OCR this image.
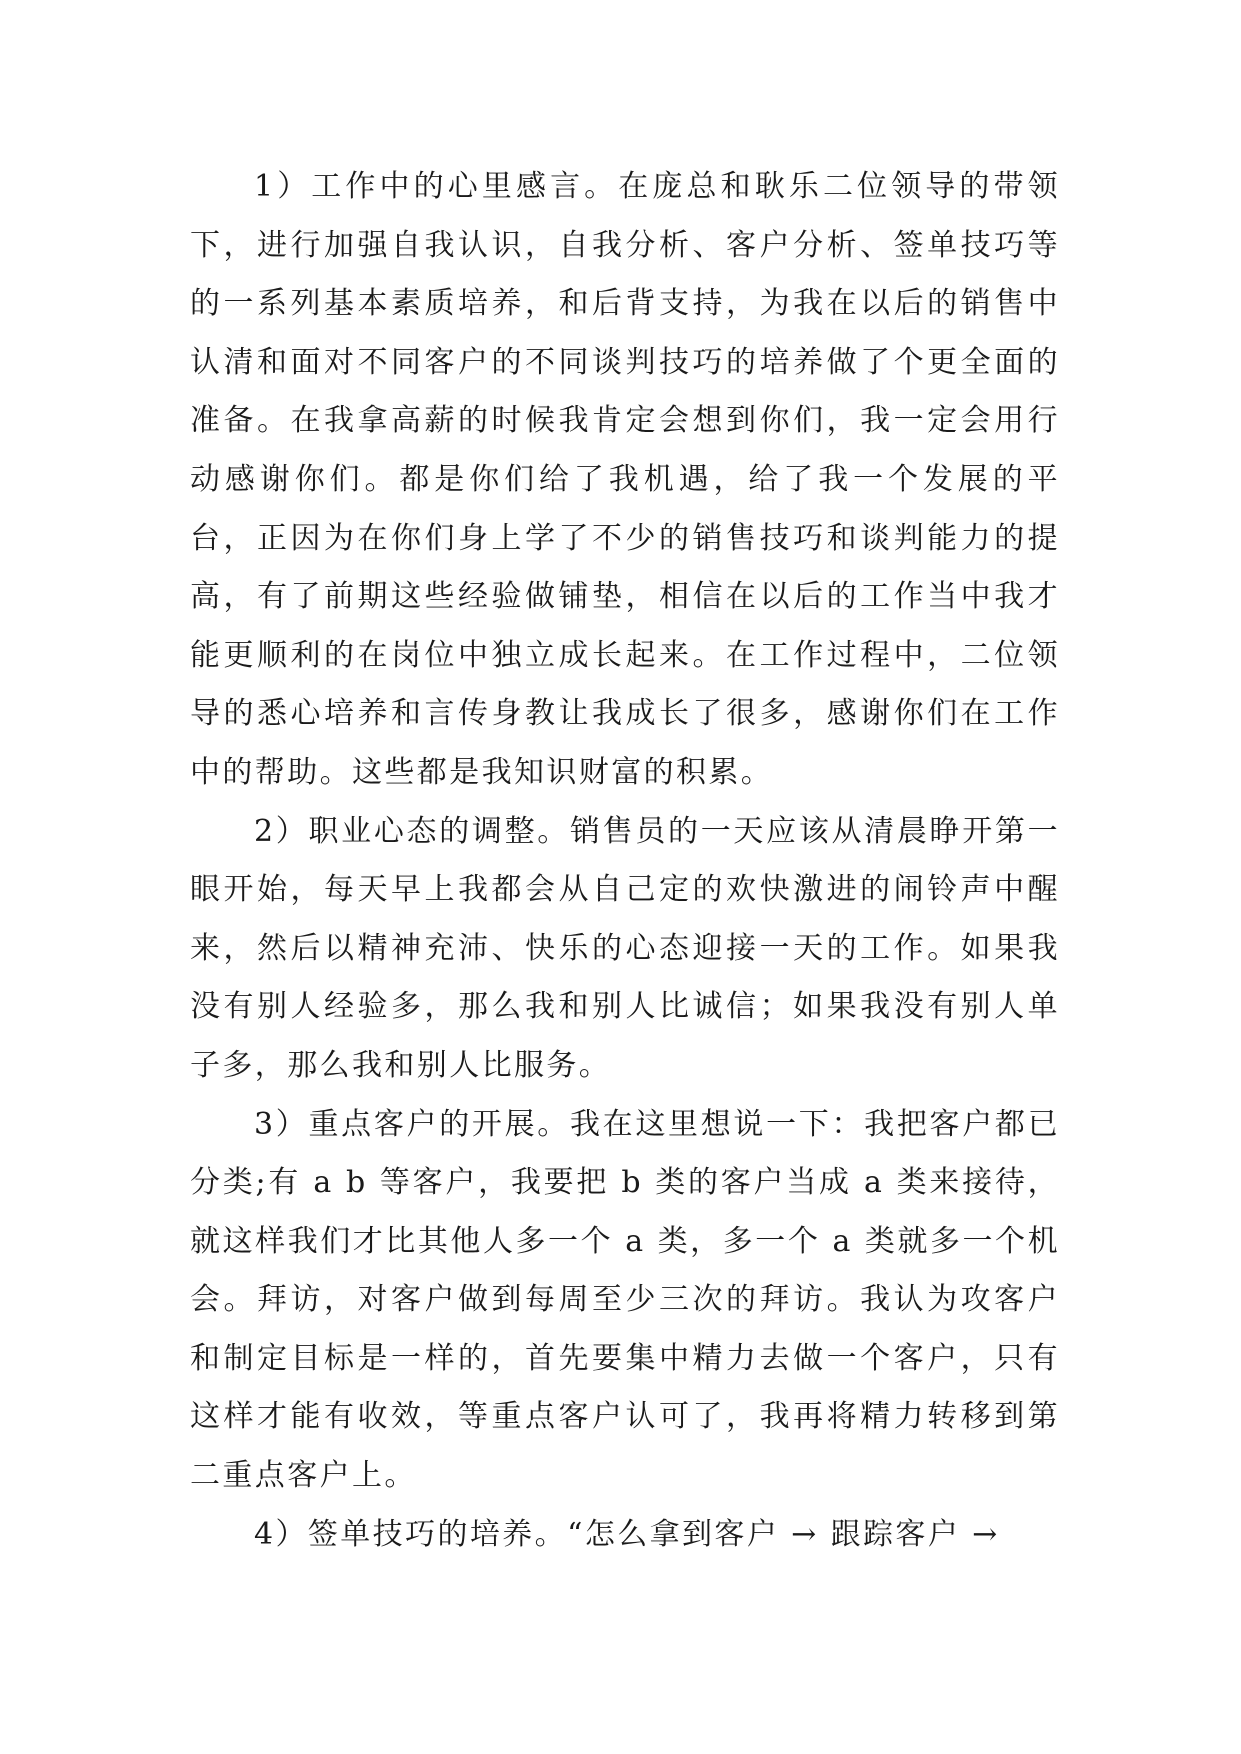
1）工作中的心里感言。在庞总和耿乐二位领导的带领下，进行加强自我认识，自我分析、客户分析、签单技巧等的一系列基本素质培养，和后背支持，为我在以后的销售中认清和面对不同客户的不同谈判技巧的培养做了个更全面的准备。在我拿高薪的时候我肯定会想到你们，我一定会用行动感谢你们。都是你们给了我机遇，给了我一个发展的平台，正因为在你们身上学了不少的销售技巧和谈判能力的提高，有了前期这些经验做铺垫，相信在以后的工作当中我才能更顺利的在岗位中独立成长起来。在工作过程中，二位领导的悉心培养和言传身教让我成长了很多，感谢你们在工作中的帮助。这些都是我知识财富的积累。

2）职业心态的调整。销售员的一天应该从清晨睁开第一眼开始，每天早上我都会从自己定的欢快激进的闹铃声中醒来，然后以精神充沛、快乐的心态迎接一天的工作。如果我没有别人经验多，那么我和别人比诚信；如果我没有别人单子多，那么我和别人比服务。

3）重点客户的开展。我在这里想说一下：我把客户都已分类;有 a b 等客户，我要把 b 类的客户当成 a 类来接待，就这样我们才比其他人多一个 a 类，多一个 a 类就多一个机会。拜访，对客户做到每周至少三次的拜访。我认为攻客户和制定目标是一样的，首先要集中精力去做一个客户，只有这样才能有收效，等重点客户认可了，我再将精力转移到第二重点客户上。

4）签单技巧的培养。“怎么拿到客户 → 跟踪客户 →
